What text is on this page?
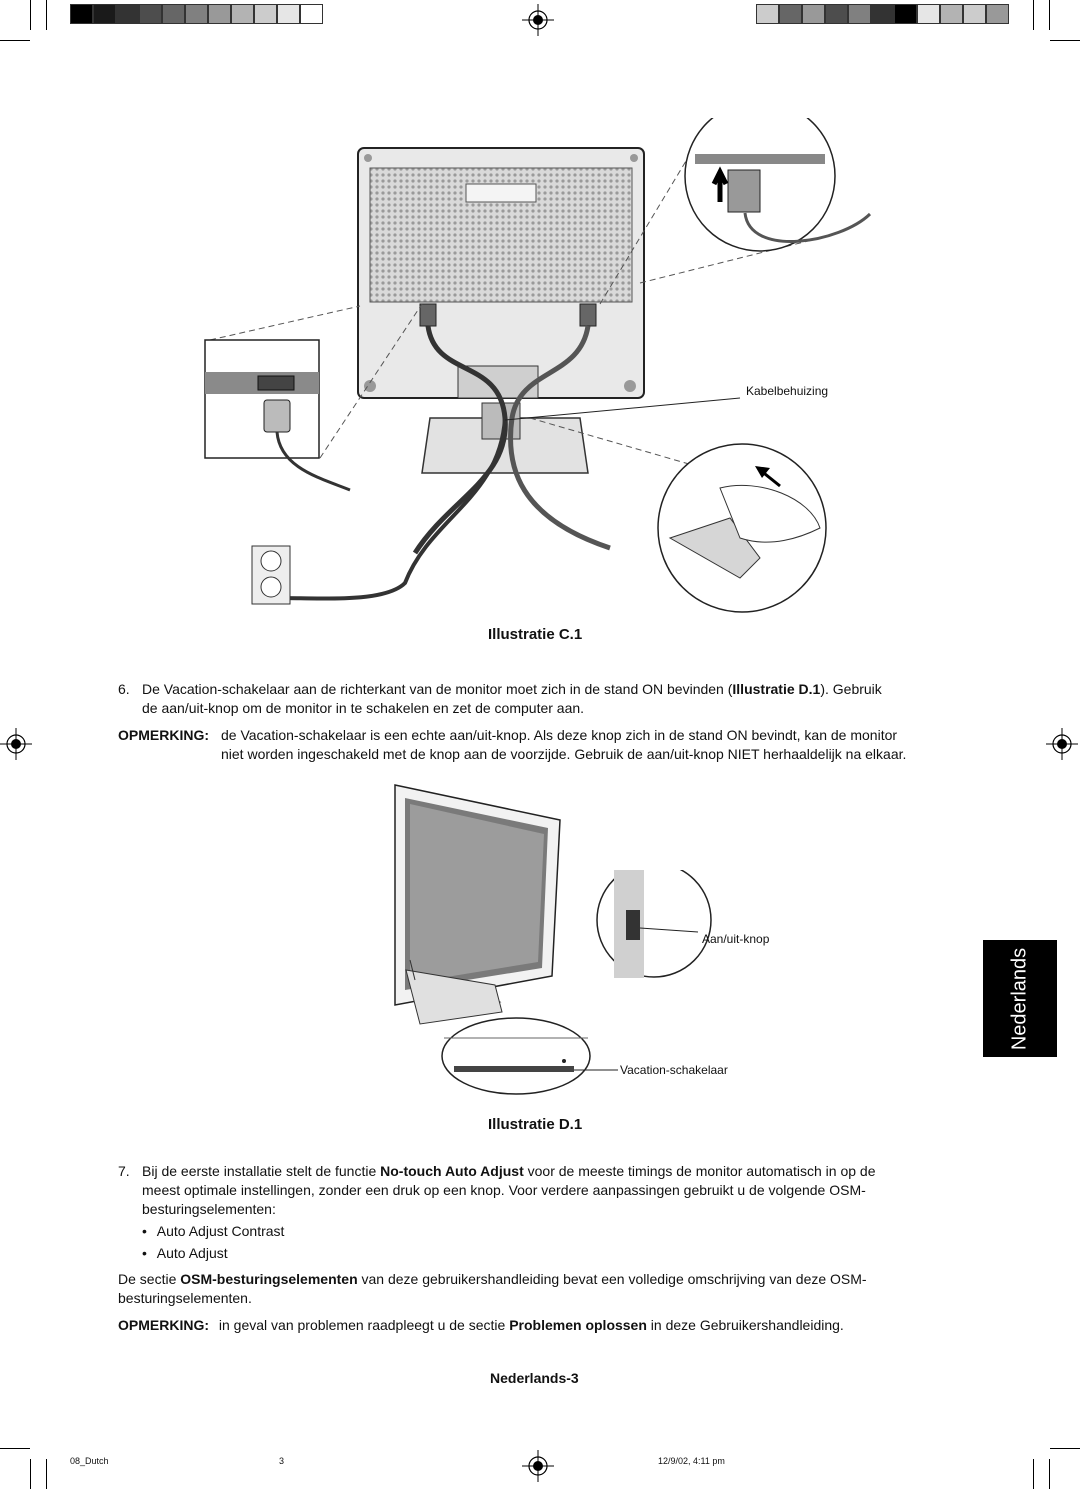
Kabelbehuizing
Illustratie C.1
6. De Vacation-schakelaar aan de richterkant van de monitor moet zich in de stand ON bevinden (Illustratie D.1). Gebruik
de aan/uit-knop om de monitor in te schakelen en zet de computer aan.
OPMERKING: de Vacation-schakelaar is een echte aan/uit-knop. Als deze knop zich in de stand ON bevindt, kan de monitor
niet worden ingeschakeld met de knop aan de voorzijde. Gebruik de aan/uit-knop NIET herhaaldelijk na elkaar.
Aan/uit-knop
Vacation-schakelaar
Illustratie D.1
Nederlands
7. Bij de eerste installatie stelt de functie No-touch Auto Adjust voor de meeste timings de monitor automatisch in op de
meest optimale instellingen, zonder een druk op een knop. Voor verdere aanpassingen gebruikt u de volgende OSM-
besturingselementen:
• Auto Adjust Contrast
• Auto Adjust
De sectie OSM-besturingselementen van deze gebruikershandleiding bevat een volledige omschrijving van deze OSM-
besturingselementen.
OPMERKING: in geval van problemen raadpleegt u de sectie Problemen oplossen in deze Gebruikershandleiding.
Nederlands-3
08_Dutch	3	12/9/02, 4:11 pm
